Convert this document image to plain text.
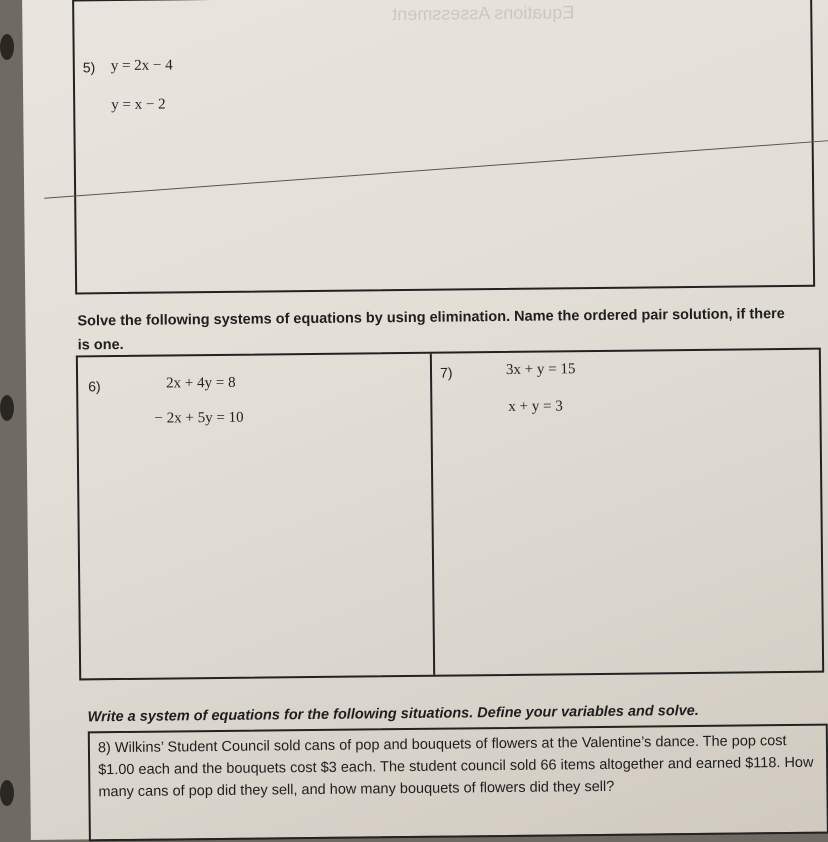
Equations Assessment
5) y = 2x − 4
y = x − 2
Solve the following systems of equations by using elimination. Name the ordered pair solution, if there is one.
6)	2x + 4y = 8
− 2x + 5y = 10
7)	3x + y = 15
x + y = 3
Write a system of equations for the following situations. Define your variables and solve.
8) Wilkins’ Student Council sold cans of pop and bouquets of flowers at the Valentine’s dance. The pop cost $1.00 each and the bouquets cost $3 each. The student council sold 66 items altogether and earned $118. How many cans of pop did they sell, and how many bouquets of flowers did they sell?
